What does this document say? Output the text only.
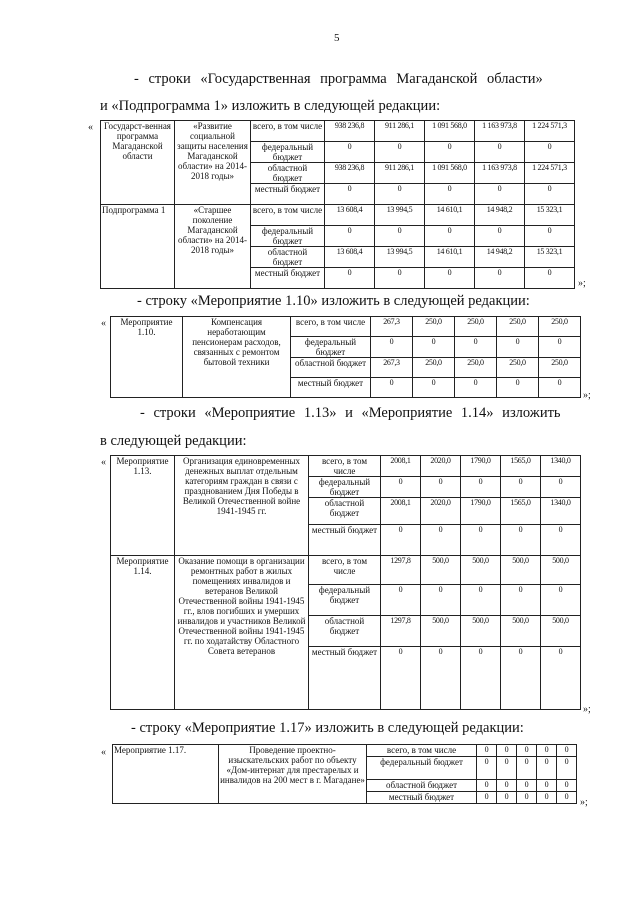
5
- строки «Государственная программа Магаданской области»
и «Подпрограмма 1» изложить в следующей редакции:
« Государст-венная программа Магаданской области	«Развитие социальной защиты населения Магаданской области» на 2014-2018 годы»	всего, в том числе	938 236,8	911 286,1	1 091 568,0	1 163 973,8	1 224 571,3
		федеральный бюджет	0	0	0	0	0
		областной бюджет	938 236,8	911 286,1	1 091 568,0	1 163 973,8	1 224 571,3
		местный бюджет	0	0	0	0	0
Подпрограмма 1	«Старшее поколение Магаданской области» на 2014-2018 годы»	всего, в том числе	13 608,4	13 994,5	14 610,1	14 948,2	15 323,1
		федеральный бюджет	0	0	0	0	0
		областной бюджет	13 608,4	13 994,5	14 610,1	14 948,2	15 323,1
		местный бюджет	0	0	0	0	0
»;
- строку «Мероприятие 1.10» изложить в следующей редакции:
« Мероприятие 1.10.	Компенсация неработающим пенсионерам расходов, связанных с ремонтом бытовой техники	всего, в том числе	267,3	250,0	250,0	250,0	250,0
		федеральный бюджет	0	0	0	0	0
		областной бюджет	267,3	250,0	250,0	250,0	250,0
		местный бюджет	0	0	0	0	0
»;
- строки «Мероприятие 1.13» и «Мероприятие 1.14» изложить
в следующей редакции:
« Мероприятие 1.13.	Организация единовременных денежных выплат отдельным категориям граждан в связи с празднованием Дня Победы в Великой Отечественной войне 1941-1945 гг.	всего, в том числе	2008,1	2020,0	1790,0	1565,0	1340,0
		федеральный бюджет	0	0	0	0	0
		областной бюджет	2008,1	2020,0	1790,0	1565,0	1340,0
		местный бюджет	0	0	0	0	0
Мероприятие 1.14.	Оказание помощи в организации ремонтных работ в жилых помещениях инвалидов и ветеранов Великой Отечественной войны 1941-1945 гг., влов погибших и умерших инвалидов и участников Великой Отечественной войны 1941-1945 гг. по ходатайству Областного Совета ветеранов	всего, в том числе	1297,8	500,0	500,0	500,0	500,0
		федеральный бюджет	0	0	0	0	0
		областной бюджет	1297,8	500,0	500,0	500,0	500,0
		местный бюджет	0	0	0	0	0
»;
- строку «Мероприятие 1.17» изложить в следующей редакции:
« Мероприятие 1.17.	Проведение проектно-изыскательских работ по объекту «Дом-интернат для престарелых и инвалидов на 200 мест в г. Магадане»	всего, в том числе	0	0	0	0	0
		федеральный бюджет	0	0	0	0	0
		областной бюджет	0	0	0	0	0
		местный бюджет	0	0	0	0	0
»;
